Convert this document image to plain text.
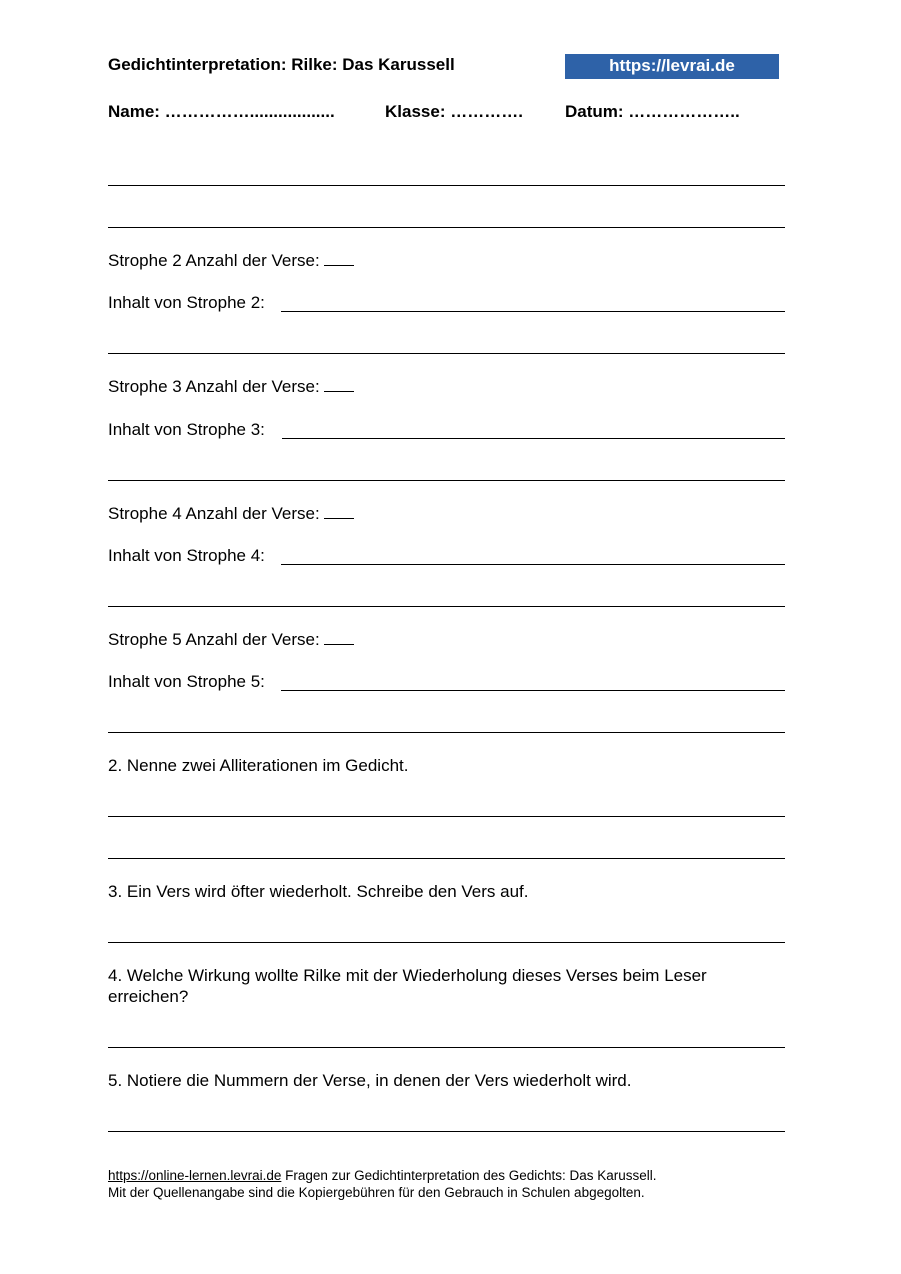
Gedichtinterpretation: Rilke: Das Karussell	https://levrai.de
Name: ……………..................	Klasse: …………. Datum: ………………..
Strophe 2 Anzahl der Verse:
Inhalt von Strophe 2:
Strophe 3 Anzahl der Verse:
Inhalt von Strophe 3:
Strophe 4 Anzahl der Verse:
Inhalt von Strophe 4:
Strophe 5 Anzahl der Verse:
Inhalt von Strophe 5:
2. Nenne zwei Alliterationen im Gedicht.
3. Ein Vers wird öfter wiederholt. Schreibe den Vers auf.
4. Welche Wirkung wollte Rilke mit der Wiederholung dieses Verses beim Leser erreichen?
5. Notiere die Nummern der Verse, in denen der Vers wiederholt wird.
https://online-lernen.levrai.de Fragen zur Gedichtinterpretation des Gedichts: Das Karussell.
Mit der Quellenangabe sind die Kopiergebühren für den Gebrauch in Schulen abgegolten.
